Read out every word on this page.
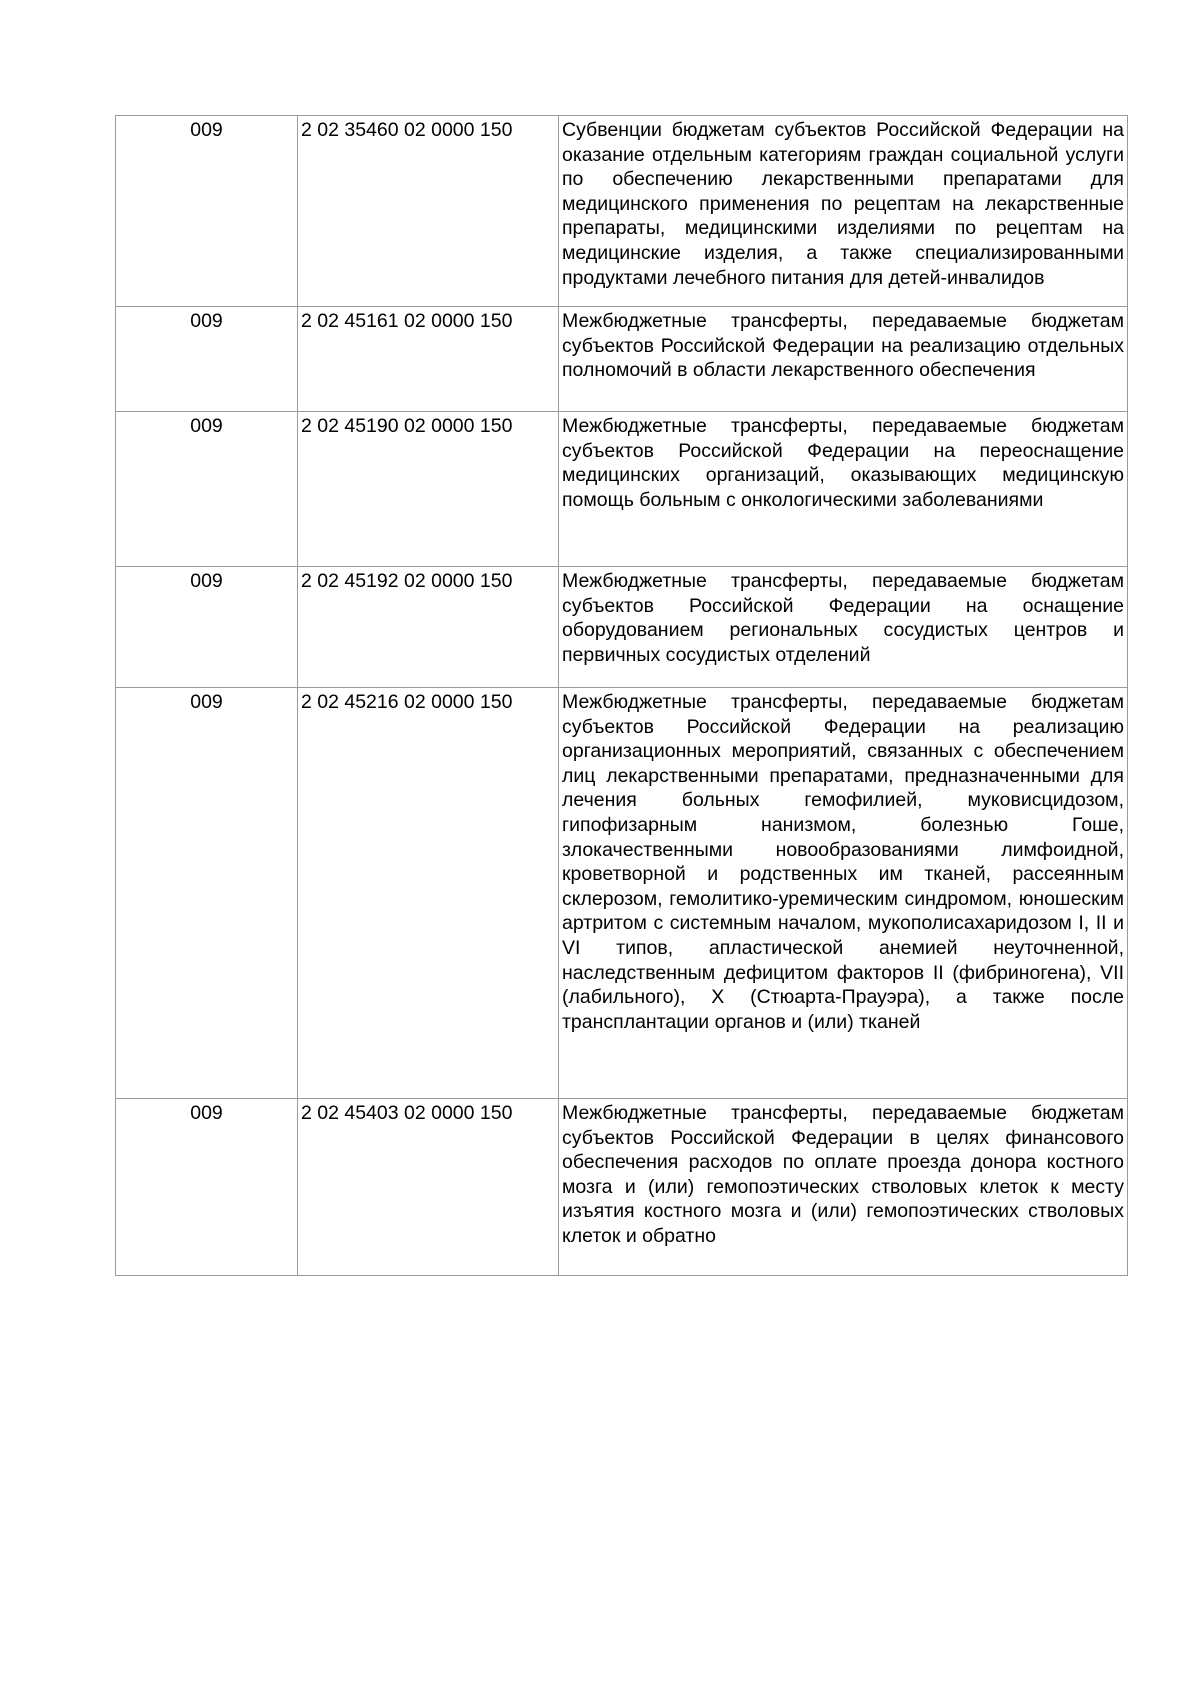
009	2 02 35460 02 0000 150	Субвенции бюджетам субъектов Российской Федерации на оказание отдельным категориям граждан социальной услуги по обеспечению лекарственными препаратами для медицинского применения по рецептам на лекарственные препараты, медицинскими изделиями по рецептам на медицинские изделия, а также специализированными продуктами лечебного питания для детей-инвалидов
009	2 02 45161 02 0000 150	Межбюджетные трансферты, передаваемые бюджетам субъектов Российской Федерации на реализацию отдельных полномочий в области лекарственного обеспечения
009	2 02 45190 02 0000 150	Межбюджетные трансферты, передаваемые бюджетам субъектов Российской Федерации на переоснащение медицинских организаций, оказывающих медицинскую помощь больным с онкологическими заболеваниями
009	2 02 45192 02 0000 150	Межбюджетные трансферты, передаваемые бюджетам субъектов Российской Федерации на оснащение оборудованием региональных сосудистых центров и первичных сосудистых отделений
009	2 02 45216 02 0000 150	Межбюджетные трансферты, передаваемые бюджетам субъектов Российской Федерации на реализацию организационных мероприятий, связанных с обеспечением лиц лекарственными препаратами, предназначенными для лечения больных гемофилией, муковисцидозом, гипофизарным нанизмом, болезнью Гоше, злокачественными новообразованиями лимфоидной, кроветворной и родственных им тканей, рассеянным склерозом, гемолитико-уремическим синдромом, юношеским артритом с системным началом, мукополисахаридозом I, II и VI типов, апластической анемией неуточненной, наследственным дефицитом факторов II (фибриногена), VII (лабильного), X (Стюарта-Прауэра), а также после трансплантации органов и (или) тканей
009	2 02 45403 02 0000 150	Межбюджетные трансферты, передаваемые бюджетам субъектов Российской Федерации в целях финансового обеспечения расходов по оплате проезда донора костного мозга и (или) гемопоэтических стволовых клеток к месту изъятия костного мозга и (или) гемопоэтических стволовых клеток и обратно
